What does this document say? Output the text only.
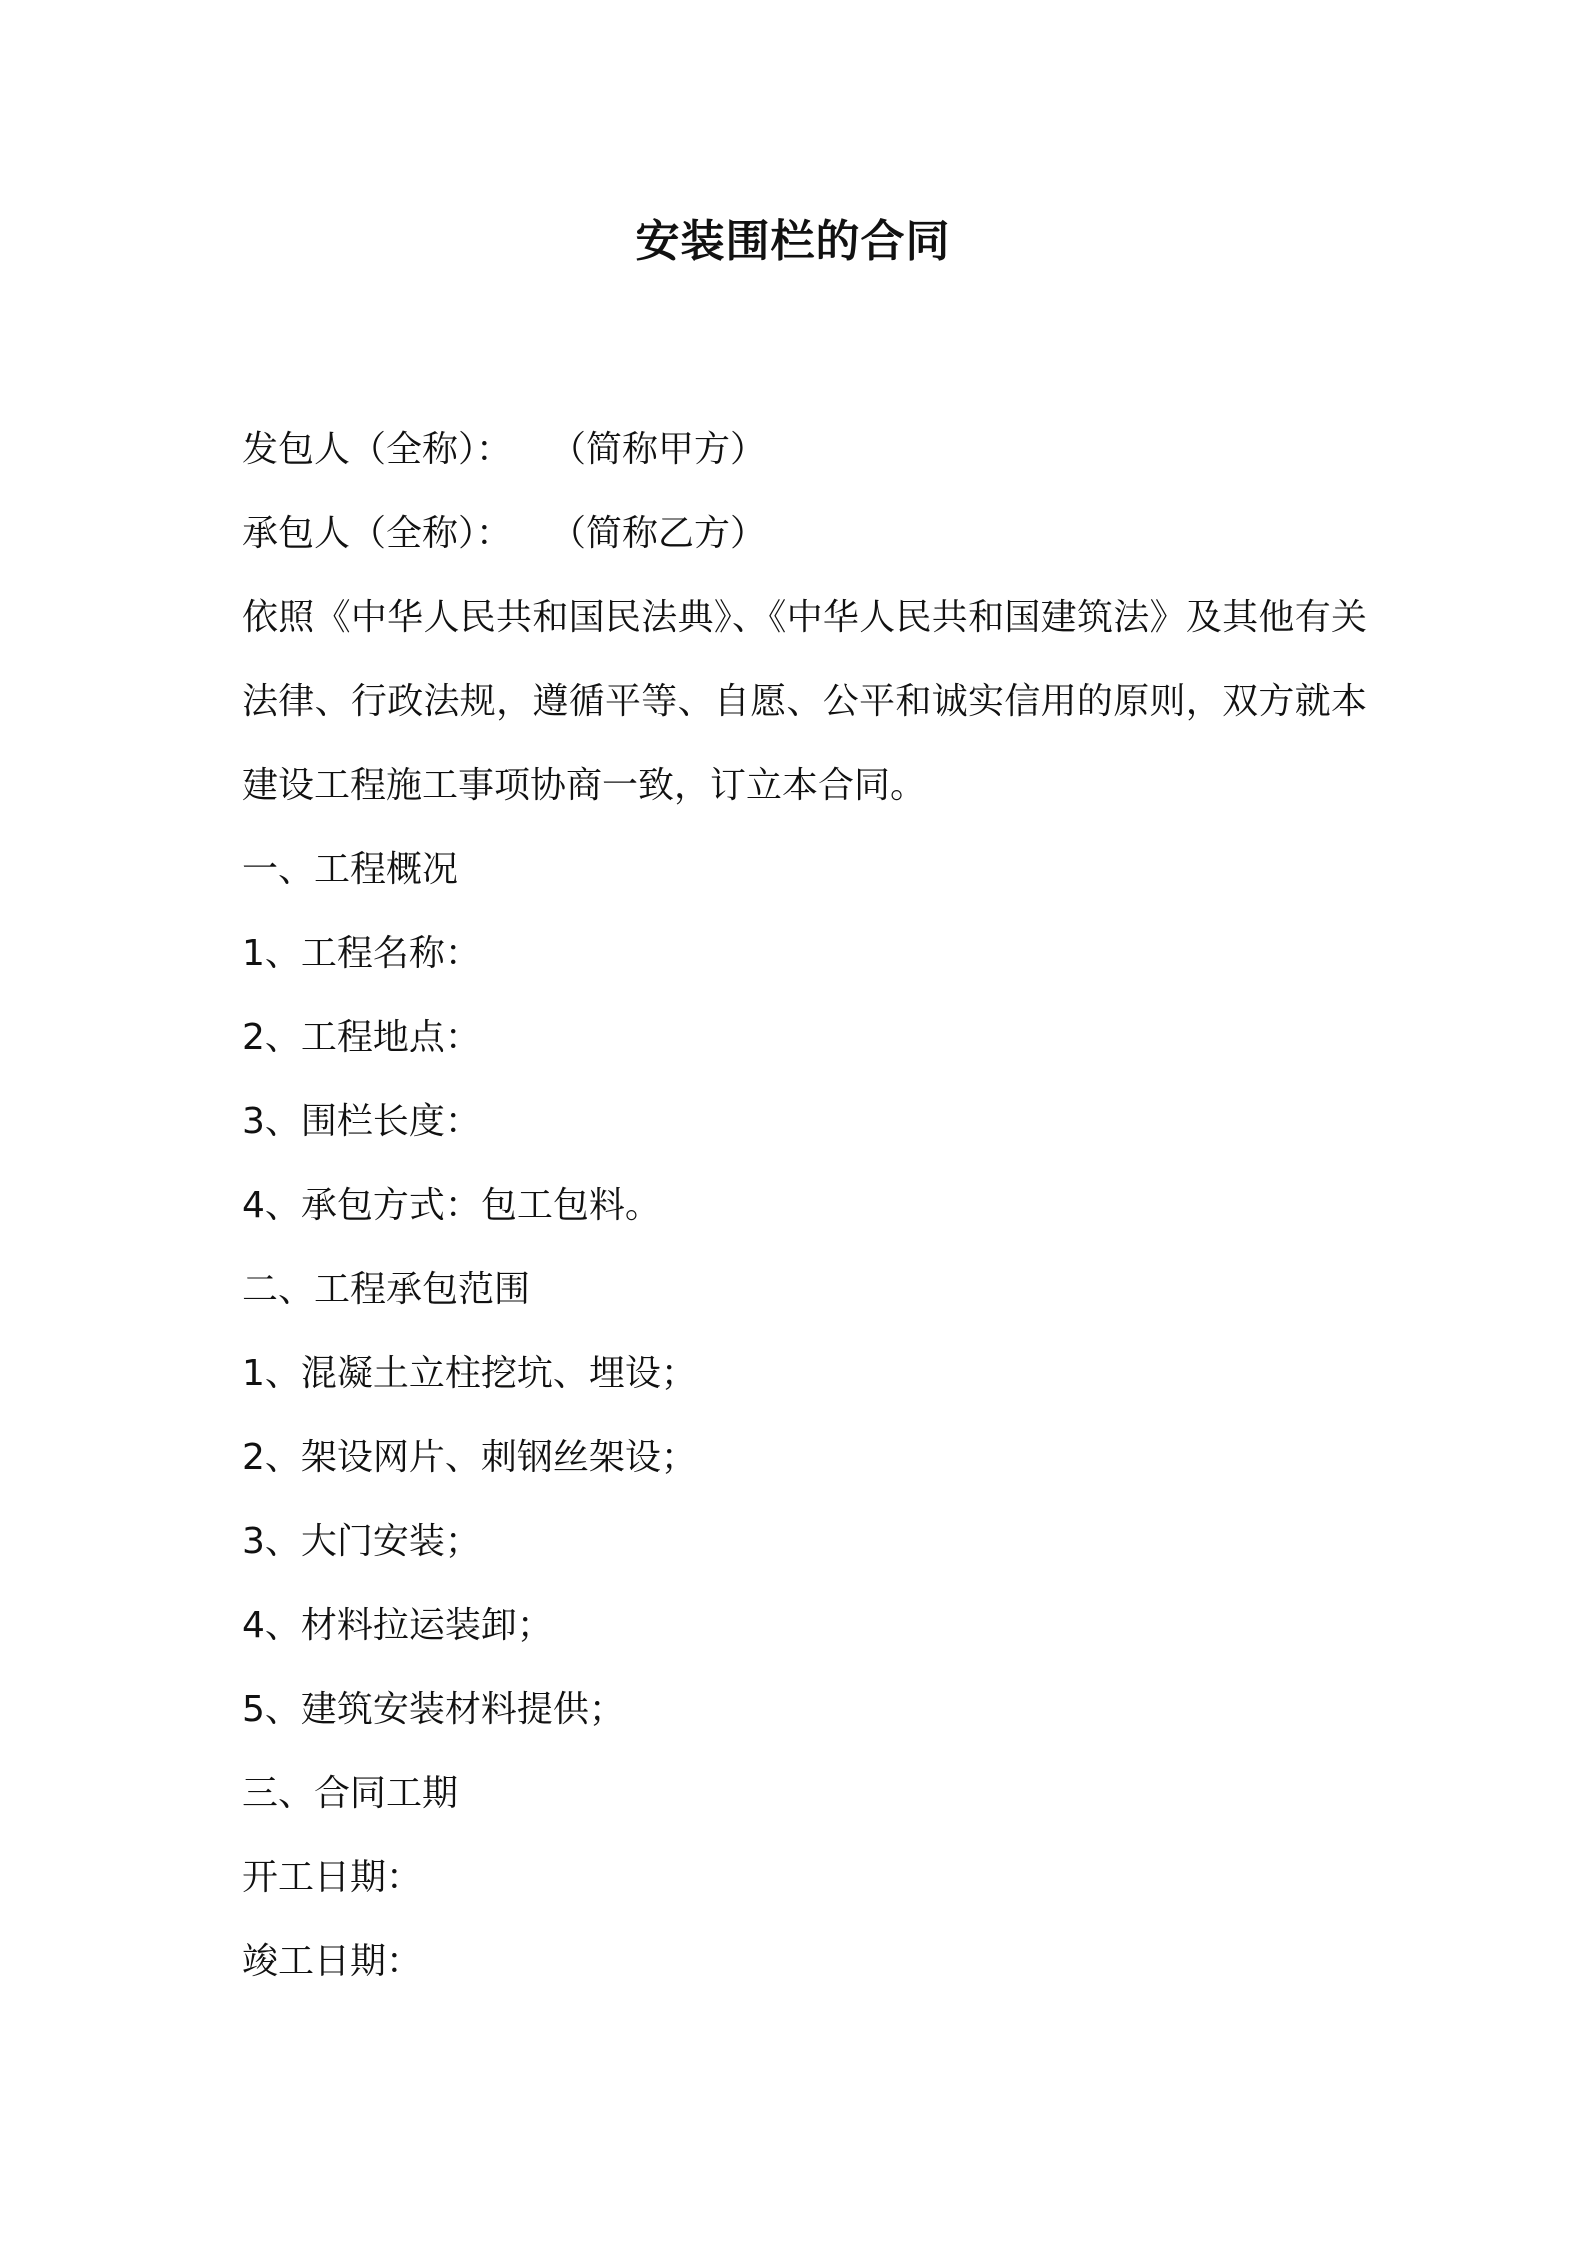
安装围栏的合同
发包人（全称）： （简称甲方）
承包人（全称）： （简称乙方）

依照《中华人民共和国民法典》、《中华人民共和国建筑法》及其他有关法律、行政法规，遵循平等、自愿、公平和诚实信用的原则，双方就本建设工程施工事项协商一致，订立本合同。

一、工程概况
1、工程名称：
2、工程地点：
3、围栏长度：
4、承包方式：包工包料。
二、工程承包范围
1、混凝土立柱挖坑、埋设；
2、架设网片、刺钢丝架设；
3、大门安装；
4、材料拉运装卸；
5、建筑安装材料提供；
三、合同工期
开工日期：
竣工日期：
